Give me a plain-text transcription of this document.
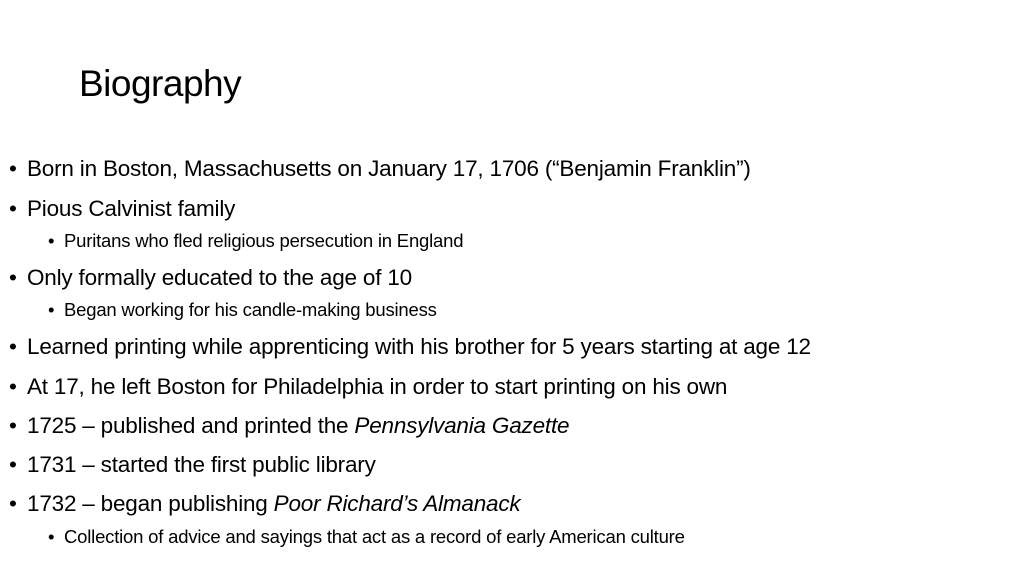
Biography
• Born in Boston, Massachusetts on January 17, 1706 (“Benjamin Franklin”)
• Pious Calvinist family
• Puritans who fled religious persecution in England
• Only formally educated to the age of 10
• Began working for his candle-making business
• Learned printing while apprenticing with his brother for 5 years starting at age 12
• At 17, he left Boston for Philadelphia in order to start printing on his own
• 1725 – published and printed the Pennsylvania Gazette
• 1731 – started the first public library
• 1732 – began publishing Poor Richard’s Almanack
• Collection of advice and sayings that act as a record of early American culture
